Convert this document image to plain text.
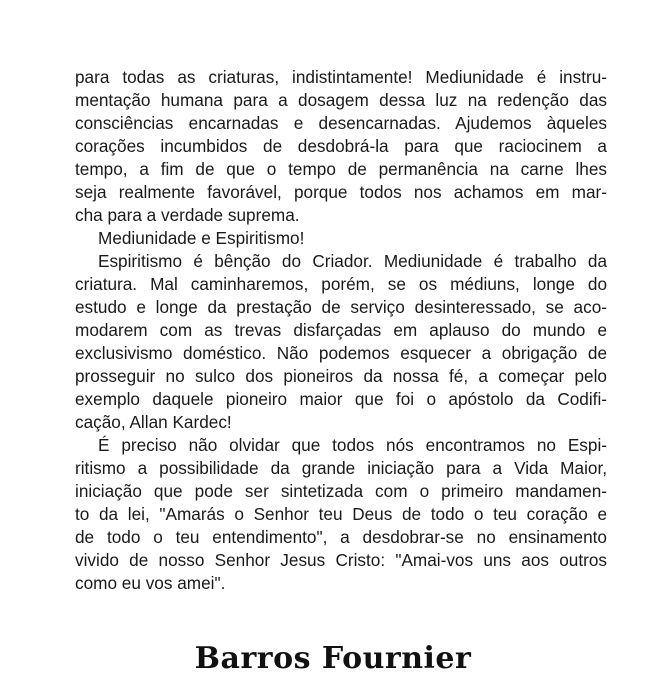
para todas as criaturas, indistintamente! Mediunidade é instru-
mentação humana para a dosagem dessa luz na redenção das
consciências encarnadas e desencarnadas. Ajudemos àqueles
corações incumbidos de desdobrá-la para que raciocinem a
tempo, a fim de que o tempo de permanência na carne lhes
seja realmente favorável, porque todos nos achamos em mar-
cha para a verdade suprema.
Mediunidade e Espiritismo!
Espiritismo é bênção do Criador. Mediunidade é trabalho da
criatura. Mal caminharemos, porém, se os médiuns, longe do
estudo e longe da prestação de serviço desinteressado, se aco-
modarem com as trevas disfarçadas em aplauso do mundo e
exclusivismo doméstico. Não podemos esquecer a obrigação de
prosseguir no sulco dos pioneiros da nossa fé, a começar pelo
exemplo daquele pioneiro maior que foi o apóstolo da Codifi-
cação, Allan Kardec!
É preciso não olvidar que todos nós encontramos no Espi-
ritismo a possibilidade da grande iniciação para a Vida Maior,
iniciação que pode ser sintetizada com o primeiro mandamen-
to da lei, "Amarás o Senhor teu Deus de todo o teu coração e
de todo o teu entendimento", a desdobrar-se no ensinamento
vivido de nosso Senhor Jesus Cristo: "Amai-vos uns aos outros
como eu vos amei".
Barros Fournier
